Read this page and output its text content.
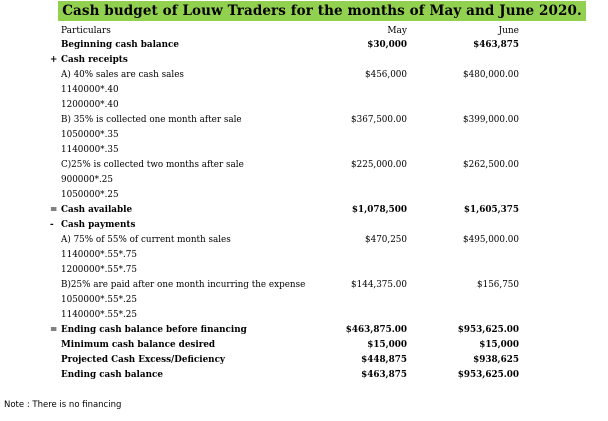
Cash budget of Louw Traders for the months of May and June 2020.
Particulars	May	June
Beginning cash balance	$30,000	$463,875
+ Cash receipts
A) 40% sales are cash sales	$456,000	$480,000.00
1140000*.40
1200000*.40
B) 35% is collected one month after sale	$367,500.00	$399,000.00
1050000*.35
1140000*.35
C)25% is collected two months after sale	$225,000.00	$262,500.00
900000*.25
1050000*.25
= Cash available	$1,078,500	$1,605,375
- Cash payments
A) 75% of 55% of current month sales	$470,250	$495,000.00
1140000*.55*.75
1200000*.55*.75
B)25% are paid after one month incurring the expense	$144,375.00	$156,750
1050000*.55*.25
1140000*.55*.25
= Ending cash balance before financing	$463,875.00	$953,625.00
Minimum cash balance desired	$15,000	$15,000
Projected Cash Excess/Deficiency	$448,875	$938,625
Ending cash balance	$463,875	$953,625.00
Note : There is no financing
